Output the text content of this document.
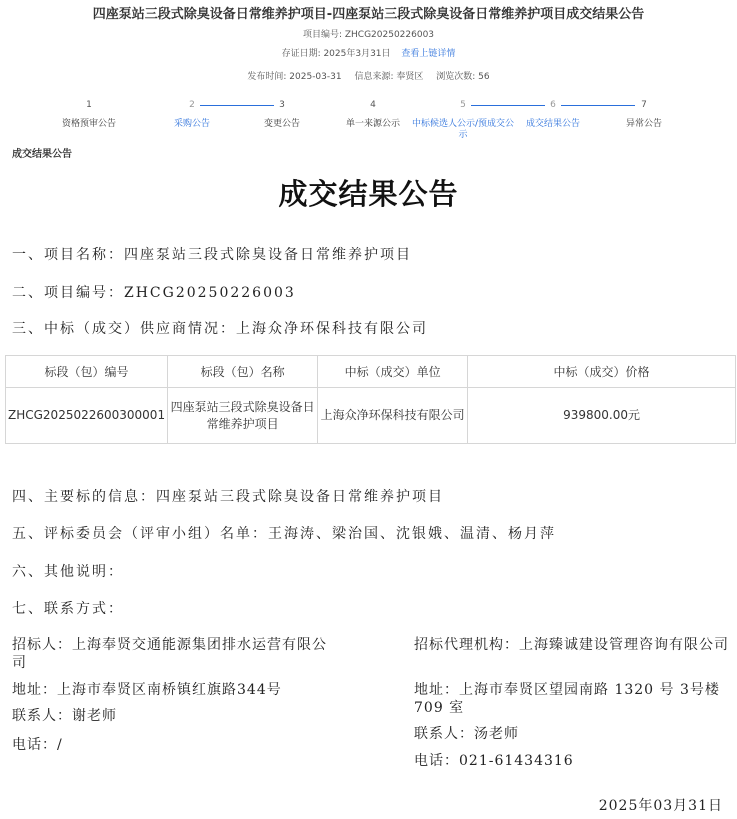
四座泵站三段式除臭设备日常维养护项目-四座泵站三段式除臭设备日常维养护项目成交结果公告
项目编号: ZHCG20250226003
存证日期: 2025年3月31日 查看上链详情
发布时间: 2025-03-31 信息来源: 奉贤区 浏览次数: 56
1
资格预审公告
2
采购公告
3
变更公告
4
单一来源公示
5
中标候选人公示/预成交公示
6
成交结果公告
7
异常公告
成交结果公告
成交结果公告
一、项目名称：四座泵站三段式除臭设备日常维养护项目
二、项目编号：ZHCG20250226003
三、中标（成交）供应商情况：上海众净环保科技有限公司
标段（包）编号	标段（包）名称	中标（成交）单位	中标（成交）价格
ZHCG2025022600300001	四座泵站三段式除臭设备日常维养护项目	上海众净环保科技有限公司	939800.00元
四、主要标的信息：四座泵站三段式除臭设备日常维养护项目
五、评标委员会（评审小组）名单：王海涛、梁治国、沈银娥、温清、杨月萍
六、其他说明：
七、联系方式：
招标人：上海奉贤交通能源集团排水运营有限公司
地址：上海市奉贤区南桥镇红旗路344号
联系人：谢老师
电话：/
招标代理机构：上海臻诚建设管理咨询有限公司
地址：上海市奉贤区望园南路 1320 号 3号楼 709 室
联系人：汤老师
电话：021-61434316
2025年03月31日
